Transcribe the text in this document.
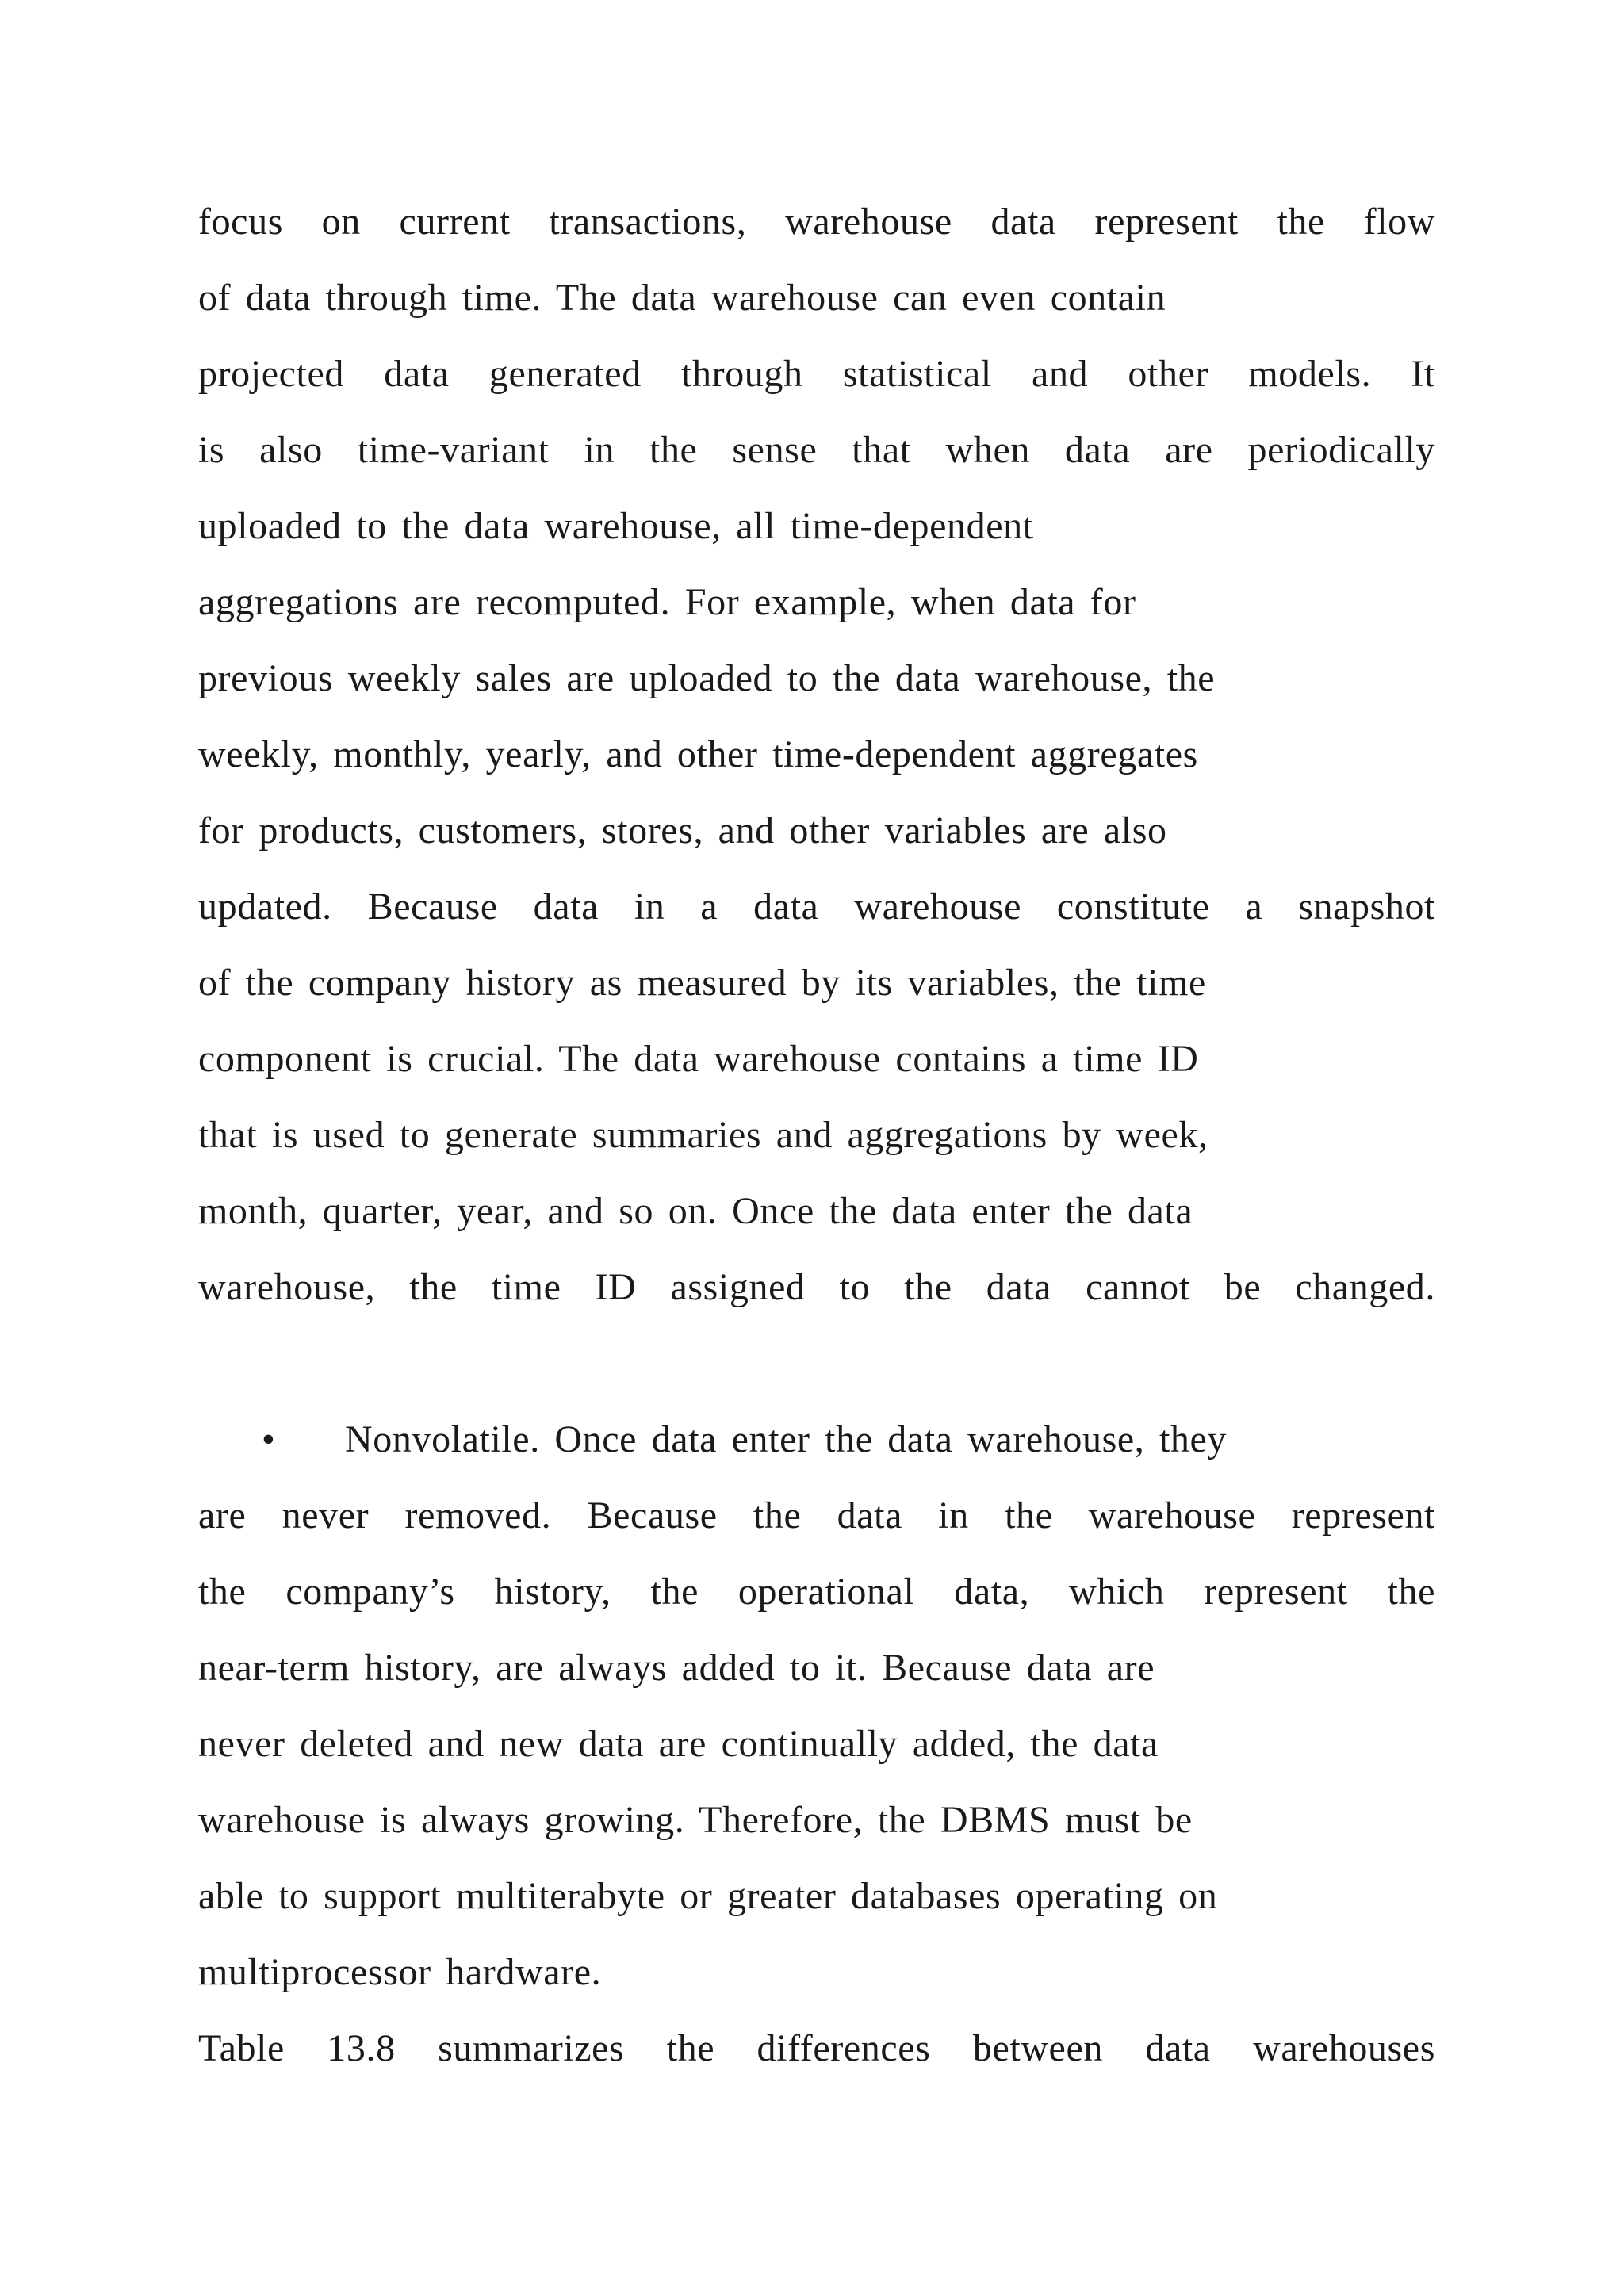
focus on current transactions, warehouse data represent the flow
of data through time. The data warehouse can even contain
projected data generated through statistical and other models. It
is also time-variant in the sense that when data are periodically
uploaded to the data warehouse, all time-dependent
aggregations are recomputed. For example, when data for
previous weekly sales are uploaded to the data warehouse, the
weekly, monthly, yearly, and other time-dependent aggregates
for products, customers, stores, and other variables are also
updated. Because data in a data warehouse constitute a snapshot
of the company history as measured by its variables, the time
component is crucial. The data warehouse contains a time ID
that is used to generate summaries and aggregations by week,
month, quarter, year, and so on. Once the data enter the data
warehouse, the time ID assigned to the data cannot be changed.
• Nonvolatile. Once data enter the data warehouse, they
are never removed. Because the data in the warehouse represent
the company’s history, the operational data, which represent the
near-term history, are always added to it. Because data are
never deleted and new data are continually added, the data
warehouse is always growing. Therefore, the DBMS must be
able to support multiterabyte or greater databases operating on
multiprocessor hardware.
Table 13.8 summarizes the differences between data warehouses
